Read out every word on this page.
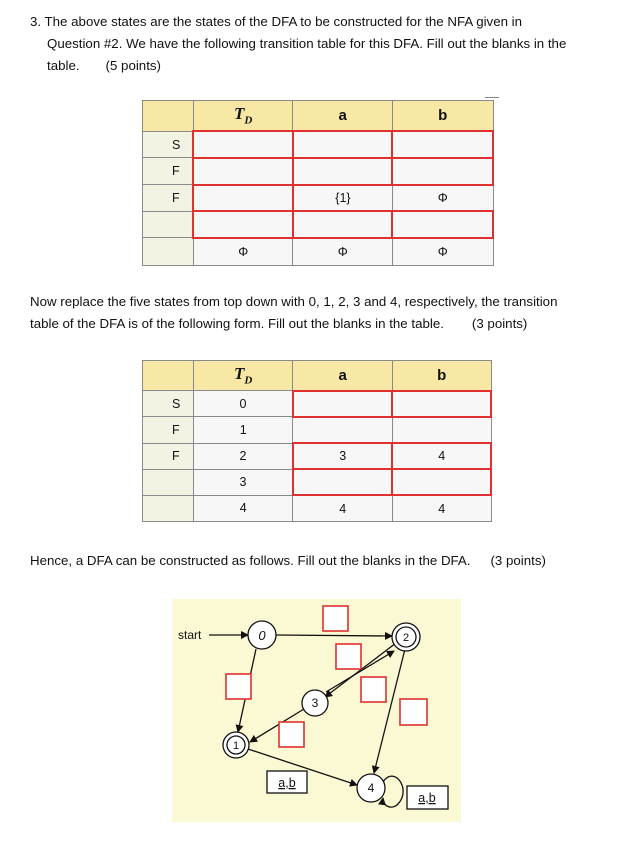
3. The above states are the states of the DFA to be constructed for the NFA given in
Question #2. We have the following transition table for this DFA. Fill out the blanks in the
table. (5 points)
	$T_D$	a	b
S			
F			
F		{1}	Φ

	Φ	Φ	Φ
Now replace the five states from top down with 0, 1, 2, 3 and 4, respectively, the transition
table of the DFA is of the following form. Fill out the blanks in the table. (3 points)
	$T_D$	a	b
S	0		
F	1		
F	2	3	4
	3		
	4	4	4
Hence, a DFA can be constructed as follows. Fill out the blanks in the DFA. (3 points)
start	0
1
2
3
4
a,b
a,b
